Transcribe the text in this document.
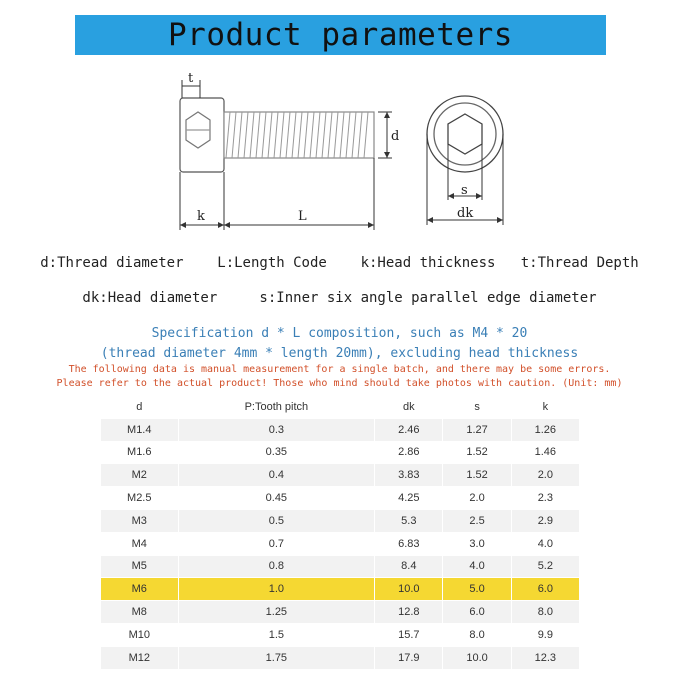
Product parameters
t
d
k	L
s
dk
d:Thread diameter L:Length Code k:Head thickness t:Thread Depth
dk:Head diameter	s:Inner six angle parallel edge diameter
Specification d * L composition, such as M4 * 20
(thread diameter 4mm * length 20mm), excluding head thickness
The following data is manual measurement for a single batch, and there may be some errors.
Please refer to the actual product! Those who mind should take photos with caution. (Unit: mm)
d	P:Tooth pitch	dk	s	k
M1.4	0.3	2.46	1.27	1.26
M1.6	0.35	2.86	1.52	1.46
M2	0.4	3.83	1.52	2.0
M2.5	0.45	4.25	2.0	2.3
M3	0.5	5.3	2.5	2.9
M4	0.7	6.83	3.0	4.0
M5	0.8	8.4	4.0	5.2
M6	1.0	10.0	5.0	6.0
M8	1.25	12.8	6.0	8.0
M10	1.5	15.7	8.0	9.9
M12	1.75	17.9	10.0	12.3
